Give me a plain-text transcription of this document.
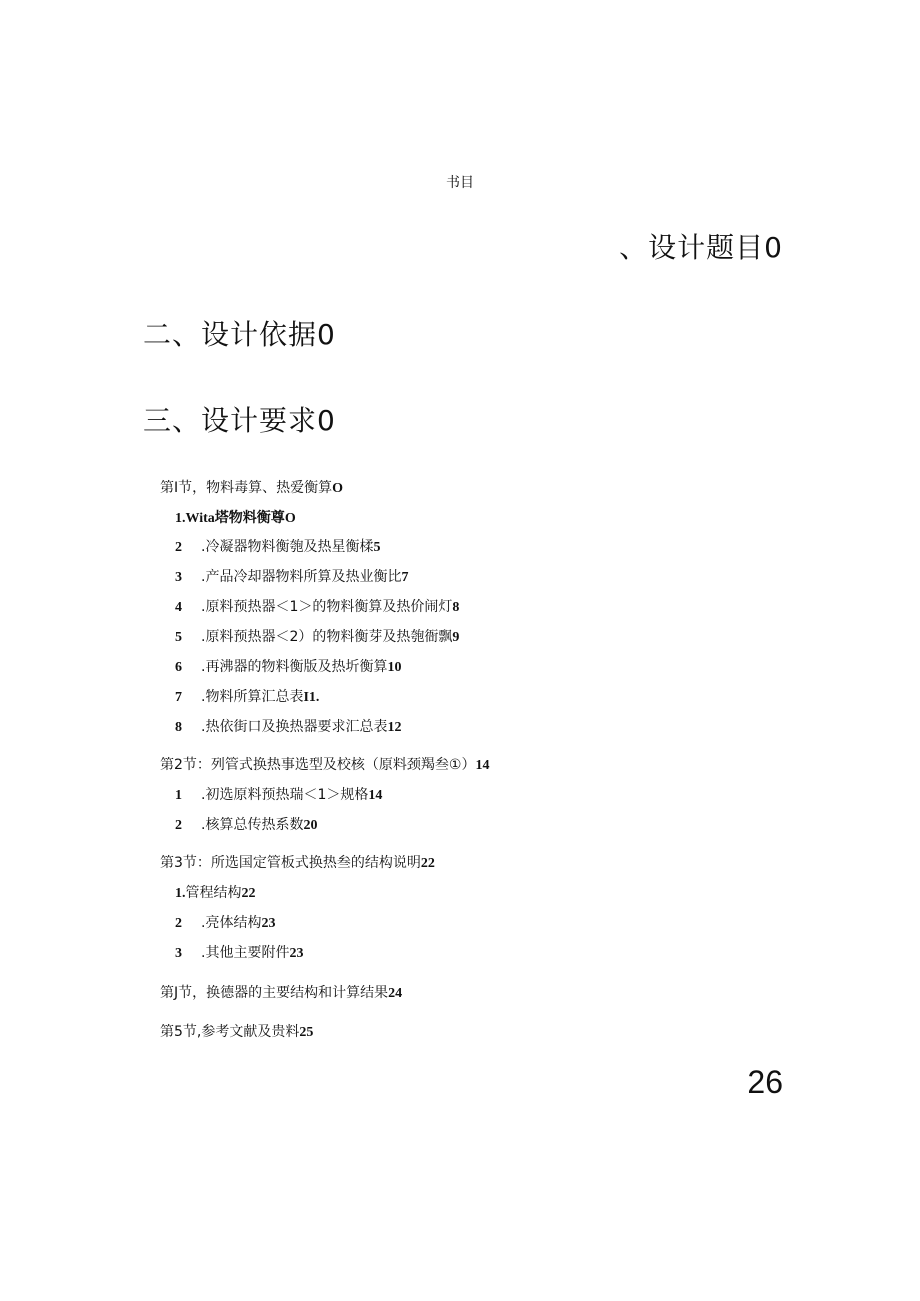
书目
、设计题目0
二、设计依据0
三、设计要求0
第I节，物料毒算、热爱衡算O
1.Wita塔物料衡尊O
2 .冷凝器物料衡匏及热星衡楺5
3 .产品冷却器物料所算及热业衡比7
4 .原料预热器＜1＞的物料衡算及热价闹灯8
5 .原料预热器＜2）的物料衡芽及热匏衙飘9
6 .再沸器的物料衡版及热圻衡算10
7 .物料所算汇总表I1.
8 .热依街口及换热器要求汇总表12
第2节：列管式换热事选型及校核（原料颈羯叁①）14
1 .初选原料预热瑞＜1＞规格14
2 .核算总传热系数20
第3节：所选国定管板式换热叁的结构说明22
1.管程结构22
2 .亮体结构23
3 .其他主要附件23
第J节，换德器的主要结构和计算结果24
第5节,参考文献及贵料25
26
